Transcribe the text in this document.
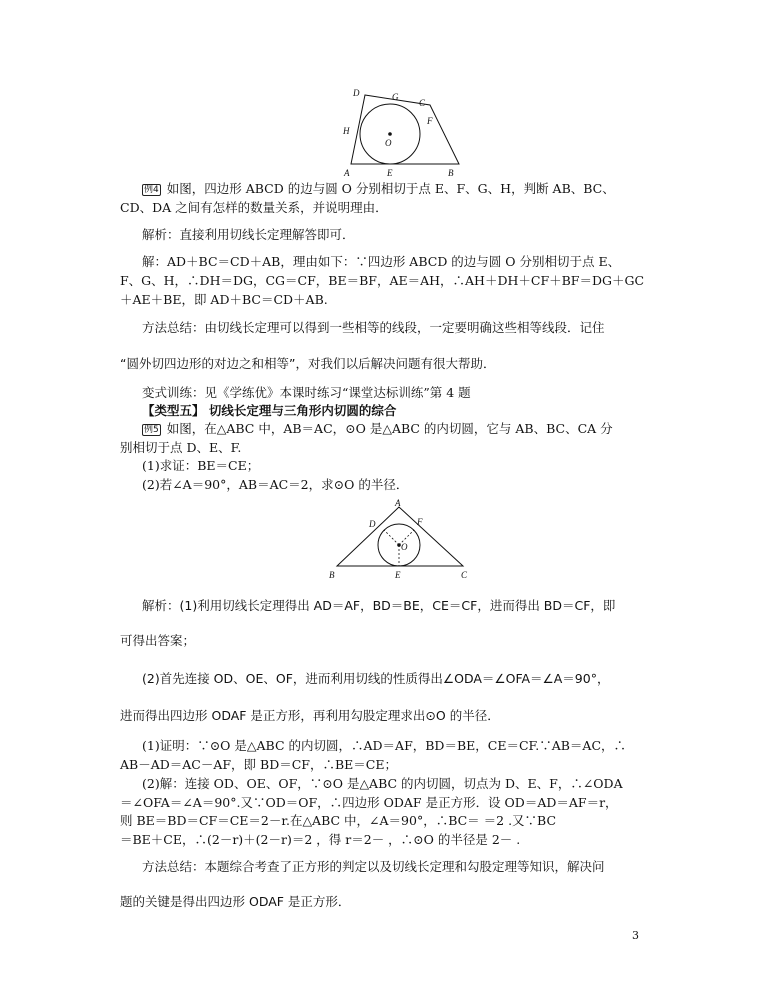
D	G
C
F
H
O
A	E	B
例4 如图，四边形 ABCD 的边与圆 O 分别相切于点 E、F、G、H，判断 AB、BC、
CD、DA 之间有怎样的数量关系，并说明理由．
解析：直接利用切线长定理解答即可．
解：AD＋BC＝CD＋AB，理由如下：∵四边形 ABCD 的边与圆 O 分别相切于点 E、
F、G、H，∴DH＝DG，CG＝CF，BE＝BF，AE＝AH，∴AH＋DH＋CF＋BF＝DG＋GC
＋AE＋BE，即 AD＋BC＝CD＋AB.
方法总结：由切线长定理可以得到一些相等的线段，一定要明确这些相等线段．记住
“圆外切四边形的对边之和相等”，对我们以后解决问题有很大帮助．
变式训练：见《学练优》本课时练习“课堂达标训练”第 4 题
【类型五】 切线长定理与三角形内切圆的综合
例5 如图，在△ABC 中，AB＝AC，⊙O 是△ABC 的内切圆，它与 AB、BC、CA 分
别相切于点 D、E、F.
(1)求证：BE＝CE；
(2)若∠A＝90°，AB＝AC＝2，求⊙O 的半径．
A
D	F
O
B	E	C
解析：(1)利用切线长定理得出 AD＝AF，BD＝BE，CE＝CF，进而得出 BD＝CF，即
可得出答案；
(2)首先连接 OD、OE、OF，进而利用切线的性质得出∠ODA＝∠OFA＝∠A＝90°，
进而得出四边形 ODAF 是正方形，再利用勾股定理求出⊙O 的半径．
(1)证明：∵⊙O 是△ABC 的内切圆，∴AD＝AF，BD＝BE，CE＝CF.∵AB＝AC，∴
AB－AD＝AC－AF，即 BD＝CF，∴BE＝CE；
(2)解：连接 OD、OE、OF，∵⊙O 是△ABC 的内切圆，切点为 D、E、F，∴∠ODA
＝∠OFA＝∠A＝90°.又∵OD＝OF，∴四边形 ODAF 是正方形．设 OD＝AD＝AF＝r，
则 BE＝BD＝CF＝CE＝2－r.在△ABC 中，∠A＝90°，∴BC＝ ＝2 .又∵BC
＝BE＋CE，∴(2－r)＋(2－r)＝2 ，得 r＝2－ ，∴⊙O 的半径是 2－ .
方法总结：本题综合考查了正方形的判定以及切线长定理和勾股定理等知识，解决问
题的关键是得出四边形 ODAF 是正方形．
3
